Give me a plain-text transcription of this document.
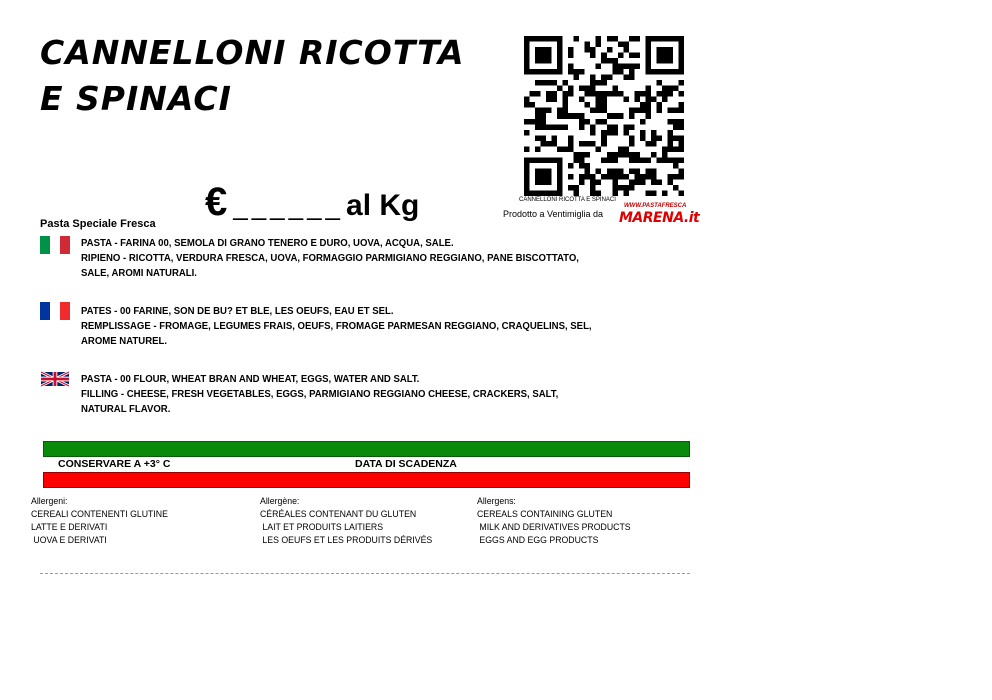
CANNELLONI RICOTTA E SPINACI
€ ______al Kg
Pasta Speciale Fresca
CANNELLONI RICOTTA E SPINACI
Prodotto a Ventimiglia da
WWW.PASTAFRESCA
MARENA.it
PASTA - FARINA 00, SEMOLA DI GRANO TENERO E DURO, UOVA, ACQUA, SALE.
RIPIENO - RICOTTA, VERDURA FRESCA, UOVA, FORMAGGIO PARMIGIANO REGGIANO, PANE BISCOTTATO,
SALE, AROMI NATURALI.
PATES - 00 FARINE, SON DE BU? ET BLE, LES OEUFS, EAU ET SEL.
REMPLISSAGE - FROMAGE, LEGUMES FRAIS, OEUFS, FROMAGE PARMESAN REGGIANO, CRAQUELINS, SEL,
AROME NATUREL.
PASTA - 00 FLOUR, WHEAT BRAN AND WHEAT, EGGS, WATER AND SALT.
FILLING - CHEESE, FRESH VEGETABLES, EGGS, PARMIGIANO REGGIANO CHEESE, CRACKERS, SALT,
NATURAL FLAVOR.
CONSERVARE A +3° C	DATA DI SCADENZA
Allergeni:
CEREALI CONTENENTI GLUTINE
LATTE E DERIVATI
UOVA E DERIVATI
Allergène:
CÉRÉALES CONTENANT DU GLUTEN
LAIT ET PRODUITS LAITIERS
LES OEUFS ET LES PRODUITS DÉRIVÉS
Allergens:
CEREALS CONTAINING GLUTEN
MILK AND DERIVATIVES PRODUCTS
EGGS AND EGG PRODUCTS
